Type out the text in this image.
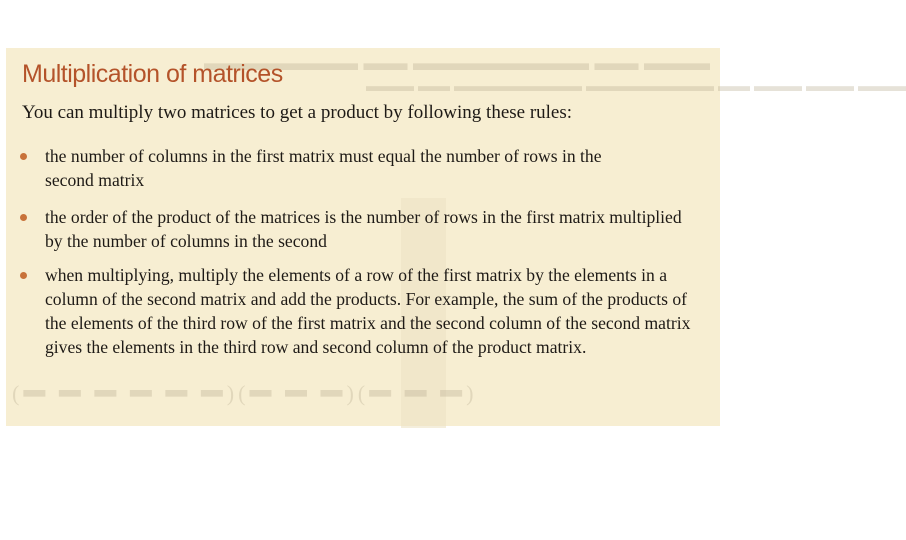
▬▬▬ ▬▬ ▬▬▬▬▬▬▬▬ ▬▬ ▬▬▬▬▬▬▬
▬▬▬ ▬▬▬ ▬▬▬ ▬▬ ▬▬▬▬▬▬▬▬ ▬▬▬▬▬▬▬▬ ▬▬ ▬▬▬
(▬ ▬ ▬)(▬ ▬ ▬)(▬ ▬ ▬ ▬ ▬ ▬)
Multiplication of matrices

You can multiply two matrices to get a product by following these rules:

the number of columns in the first matrix must equal the number of rows in the
second matrix
the order of the product of the matrices is the number of rows in the first matrix multiplied
by the number of columns in the second
when multiplying, multiply the elements of a row of the first matrix by the elements in a
column of the second matrix and add the products. For example, the sum of the products of
the elements of the third row of the first matrix and the second column of the second matrix
gives the elements in the third row and second column of the product matrix.
